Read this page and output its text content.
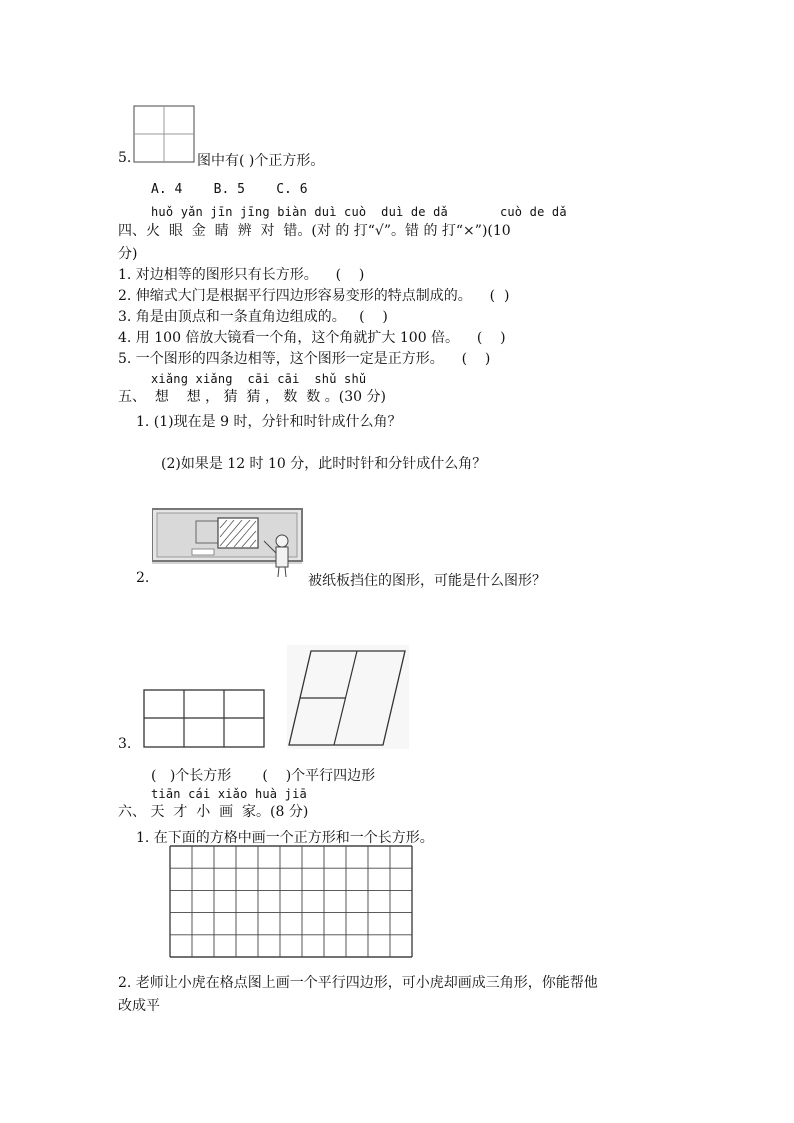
5.	图中有( )个正方形。
A. 4    B. 5    C. 6
huǒ yǎn jīn jīng biàn duì cuò  duì de dǎ       cuò de dǎ
四、火  眼  金  睛  辨  对  错。(对 的 打“√”。错 的 打“×”)(10
分)
1. 对边相等的图形只有长方形。    (    )
2. 伸缩式大门是根据平行四边形容易变形的特点制成的。    (  )
3. 角是由顶点和一条直角边组成的。   (    )
4. 用 100 倍放大镜看一个角，这个角就扩大 100 倍。    (    )
5. 一个图形的四条边相等，这个图形一定是正方形。    (    )
xiǎng xiǎng  cāi cāi  shǔ shǔ
五、  想    想 ， 猜  猜 ， 数  数 。(30 分)
1. (1)现在是 9 时，分针和时针成什么角？
(2)如果是 12 时 10 分，此时时针和分针成什么角？
2.	被纸板挡住的图形，可能是什么图形？
3.
(   )个长方形       (    )个平行四边形
tiān cái xiǎo huà jiā
六、 天  才  小  画  家。(8 分)
1. 在下面的方格中画一个正方形和一个长方形。
2. 老师让小虎在格点图上画一个平行四边形，可小虎却画成三角形，你能帮他
改成平
